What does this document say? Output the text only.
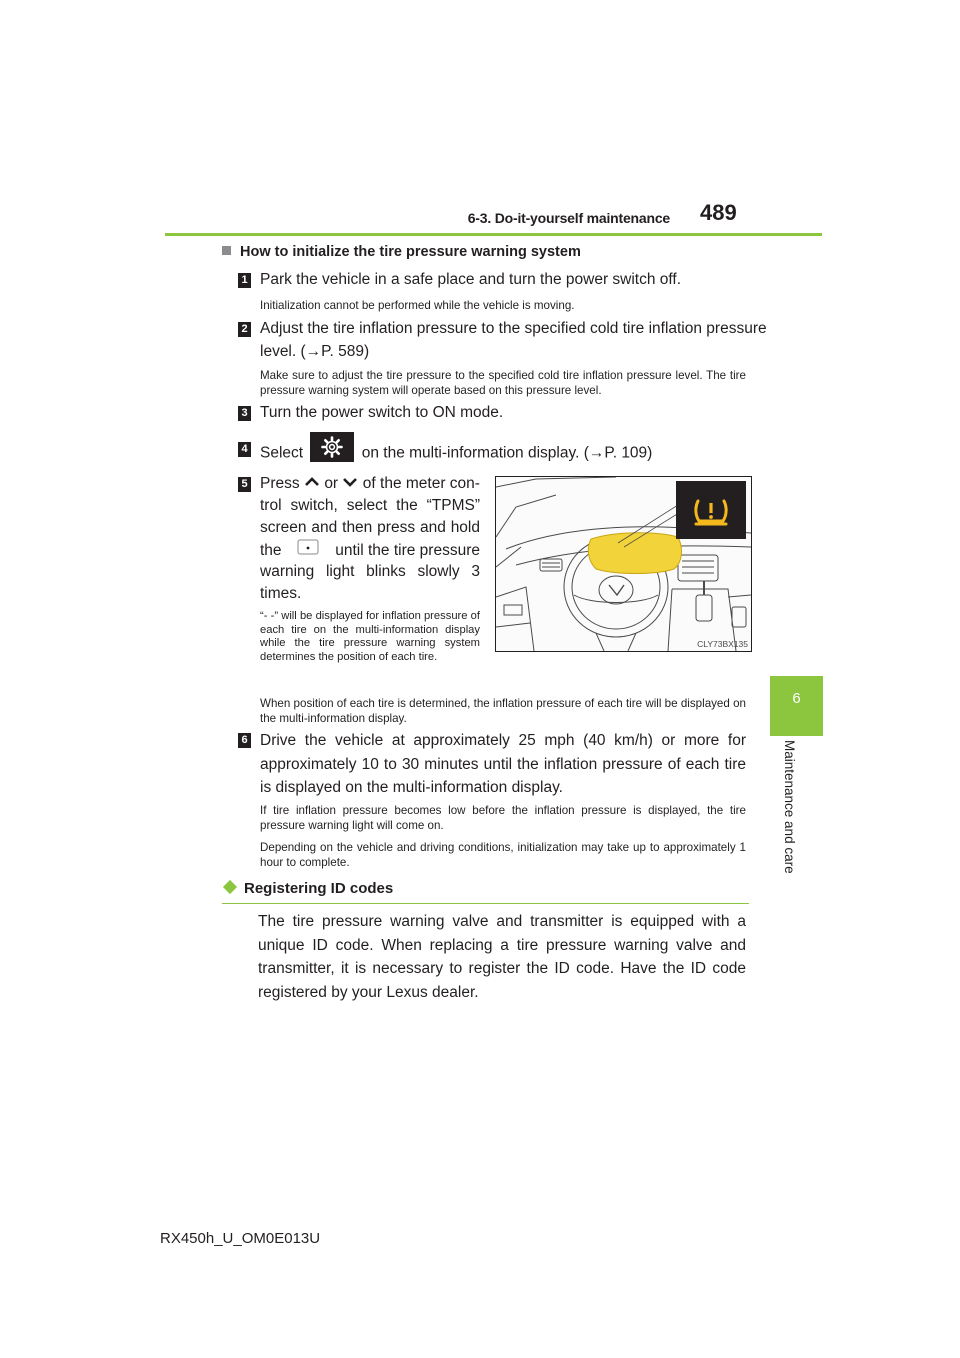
6-3. Do-it-yourself maintenance 489
6
Maintenance and care
How to initialize the tire pressure warning system
1 Park the vehicle in a safe place and turn the power switch off.
Initialization cannot be performed while the vehicle is moving.
2 Adjust the tire inflation pressure to the specified cold tire inflation pressure
level. (→P. 589)
Make sure to adjust the tire pressure to the specified cold tire inflation pressure level. The tire pressure warning system will operate based on this pressure level.
3 Turn the power switch to ON mode.
4 Select	on the multi-information display. (→P. 109)
5 Press or of the meter con-
trol switch, select the “TPMS”
screen and then press and hold
the	until the tire pressure
warning light blinks slowly 3
times.
“- -” will be displayed for inflation pressure of each tire on the multi-information display while the tire pressure warning system determines the position of each tire.
When position of each tire is determined, the inflation pressure of each tire will be displayed on the multi-information display.
CLY73BX135
6 Drive the vehicle at approximately 25 mph (40 km/h) or more for approximately 10 to 30 minutes until the inflation pressure of each tire is displayed on the multi-information display.
If tire inflation pressure becomes low before the inflation pressure is displayed, the tire pressure warning light will come on.
Depending on the vehicle and driving conditions, initialization may take up to approximately 1 hour to complete.
Registering ID codes
The tire pressure warning valve and transmitter is equipped with a unique ID code. When replacing a tire pressure warning valve and transmitter, it is necessary to register the ID code. Have the ID code registered by your Lexus dealer.
RX450h_U_OM0E013U
